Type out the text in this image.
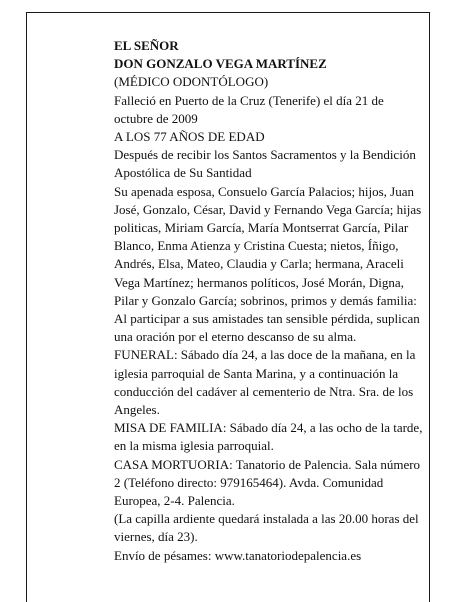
EL SEÑOR

DON GONZALO VEGA MARTÍNEZ

(MÉDICO ODONTÓLOGO)

Falleció en Puerto de la Cruz (Tenerife) el día 21 de octubre de 2009

A LOS 77 AÑOS DE EDAD

Después de recibir los Santos Sacramentos y la Bendición Apostólica de Su Santidad

Su apenada esposa, Consuelo García Palacios; hijos, Juan José, Gonzalo, César, David y Fernando Vega García; hijas politicas, Miriam García, María Montserrat García, Pilar Blanco, Enma Atienza y Cristina Cuesta; nietos, Íñigo, Andrés, Elsa, Mateo, Claudia y Carla; hermana, Araceli Vega Martínez; hermanos políticos, José Morán, Digna, Pilar y Gonzalo García; sobrinos, primos y demás familia:

Al participar a sus amistades tan sensible pérdida, suplican una oración por el eterno descanso de su alma.

FUNERAL: Sábado día 24, a las doce de la mañana, en la iglesia parroquial de Santa Marina, y a continuación la conducción del cadáver al cementerio de Ntra. Sra. de los Angeles.

MISA DE FAMILIA: Sábado día 24, a las ocho de la tarde, en la misma iglesia parroquial.

CASA MORTUORIA: Tanatorio de Palencia. Sala número 2 (Teléfono directo: 979165464). Avda. Comunidad Europea, 2-4. Palencia.

(La capilla ardiente quedará instalada a las 20.00 horas del viernes, día 23).

Envío de pésames: www.tanatoriodepalencia.es
